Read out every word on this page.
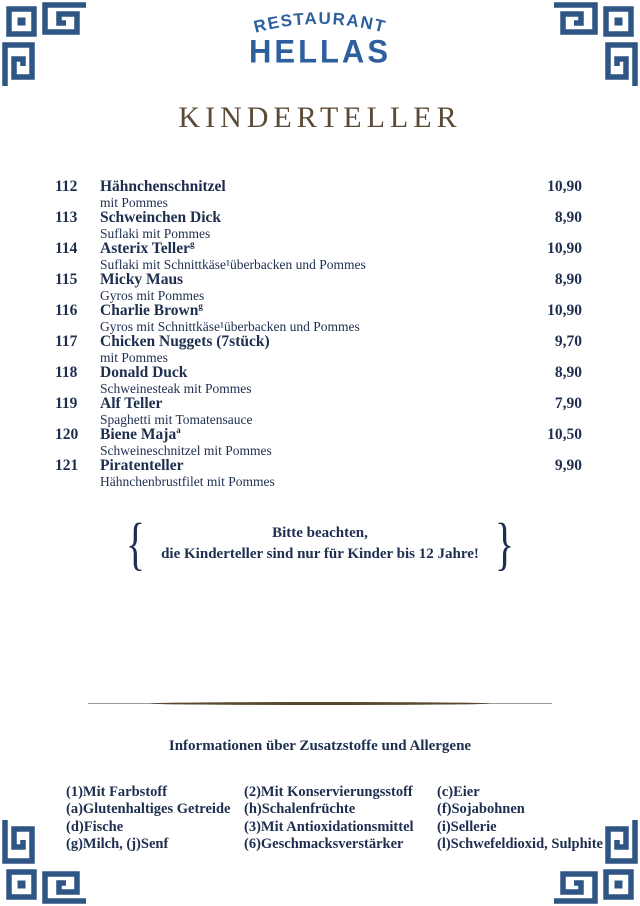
RESTAURANT
HELLAS
KINDERTELLER
112	Hähnchenschnitzel
mit Pommes
10,90
113	Schweinchen Dick
Suflaki mit Pommes
8,90
114	Asterix Teller$^g$
Suflaki mit Schnittkäse¹überbacken und Pommes
10,90
115	Micky Maus
Gyros mit Pommes
8,90
116	Charlie Brown$^g$
Gyros mit Schnittkäse¹überbacken und Pommes
10,90
117	Chicken Nuggets (7stück)
mit Pommes
9,70
118	Donald Duck
Schweinesteak mit Pommes
8,90
119	Alf Teller
Spaghetti mit Tomatensauce
7,90
120	Biene Maja$^a$
Schweineschnitzel mit Pommes
10,50
121	Piratenteller
Hähnchenbrustfilet mit Pommes
9,90
{	Bitte beachten,
die Kinderteller sind nur für Kinder bis 12 Jahre! }
Informationen über Zusatzstoffe und Allergene
(1)Mit Farbstoff
(a)Glutenhaltiges Getreide
(d)Fische
(g)Milch, (j)Senf
(2)Mit Konservierungsstoff
(h)Schalenfrüchte
(3)Mit Antioxidationsmittel
(6)Geschmacksverstärker
(c)Eier
(f)Sojabohnen
(i)Sellerie
(l)Schwefeldioxid, Sulphite
